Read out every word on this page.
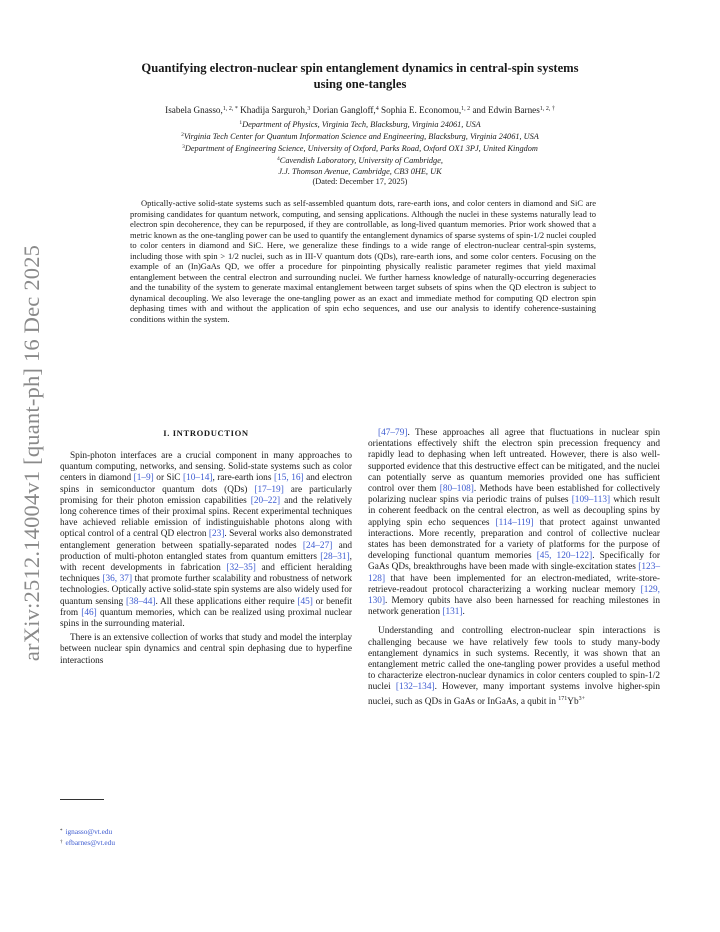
arXiv:2512.14004v1 [quant-ph] 16 Dec 2025
Quantifying electron-nuclear spin entanglement dynamics in central-spin systems
using one-tangles
Isabela Gnasso,$^{1, 2, *}$ Khadija Sarguroh,$^3$ Dorian Gangloff,$^4$ Sophia E. Economou,$^{1, 2}$ and Edwin Barnes$^{1, 2, \dagger}$
$^1$Department of Physics, Virginia Tech, Blacksburg, Virginia 24061, USA
$^2$Virginia Tech Center for Quantum Information Science and Engineering, Blacksburg, Virginia 24061, USA
$^3$Department of Engineering Science, University of Oxford, Parks Road, Oxford OX1 3PJ, United Kingdom
$^4$Cavendish Laboratory, University of Cambridge,
J.J. Thomson Avenue, Cambridge, CB3 0HE, UK
(Dated: December 17, 2025)
Optically-active solid-state systems such as self-assembled quantum dots, rare-earth ions, and color centers in diamond and SiC are promising candidates for quantum network, computing, and sensing applications. Although the nuclei in these systems naturally lead to electron spin decoherence, they can be repurposed, if they are controllable, as long-lived quantum memories. Prior work showed that a metric known as the one-tangling power can be used to quantify the entanglement dynamics of sparse systems of spin-1/2 nuclei coupled to color centers in diamond and SiC. Here, we generalize these findings to a wide range of electron-nuclear central-spin systems, including those with spin > 1/2 nuclei, such as in III-V quantum dots (QDs), rare-earth ions, and some color centers. Focusing on the example of an (In)GaAs QD, we offer a procedure for pinpointing physically realistic parameter regimes that yield maximal entanglement between the central electron and surrounding nuclei. We further harness knowledge of naturally-occurring degeneracies and the tunability of the system to generate maximal entanglement between target subsets of spins when the QD electron is subject to dynamical decoupling. We also leverage the one-tangling power as an exact and immediate method for computing QD electron spin dephasing times with and without the application of spin echo sequences, and use our analysis to identify coherence-sustaining conditions within the system.
I. INTRODUCTION
Spin-photon interfaces are a crucial component in many approaches to quantum computing, networks, and sensing. Solid-state systems such as color centers in diamond [1–9] or SiC [10–14], rare-earth ions [15, 16] and electron spins in semiconductor quantum dots (QDs) [17–19] are particularly promising for their photon emission capabilities [20–22] and the relatively long coherence times of their proximal spins. Recent experimental techniques have achieved reliable emission of indistinguishable photons along with optical control of a central QD electron [23]. Several works also demonstrated entanglement generation between spatially-separated nodes [24–27] and production of multi-photon entangled states from quantum emitters [28–31], with recent developments in fabrication [32–35] and efficient heralding techniques [36, 37] that promote further scalability and robustness of network technologies. Optically active solid-state spin systems are also widely used for quantum sensing [38–44]. All these applications either require [45] or benefit from [46] quantum memories, which can be realized using proximal nuclear spins in the surrounding material.
There is an extensive collection of works that study and model the interplay between nuclear spin dynamics and central spin dephasing due to hyperfine interactions
[47–79]. These approaches all agree that fluctuations in nuclear spin orientations effectively shift the electron spin precession frequency and rapidly lead to dephasing when left untreated. However, there is also well-supported evidence that this destructive effect can be mitigated, and the nuclei can potentially serve as quantum memories provided one has sufficient control over them [80–108]. Methods have been established for collectively polarizing nuclear spins via periodic trains of pulses [109–113] which result in coherent feedback on the central electron, as well as decoupling spins by applying spin echo sequences [114–119] that protect against unwanted interactions. More recently, preparation and control of collective nuclear states has been demonstrated for a variety of platforms for the purpose of developing functional quantum memories [45, 120–122]. Specifically for GaAs QDs, breakthroughs have been made with single-excitation states [123–128] that have been implemented for an electron-mediated, write-store-retrieve-readout protocol characterizing a working nuclear memory [129, 130]. Memory qubits have also been harnessed for reaching milestones in network generation [131].
Understanding and controlling electron-nuclear spin interactions is challenging because we have relatively few tools to study many-body entanglement dynamics in such systems. Recently, it was shown that an entanglement metric called the one-tangling power provides a useful method to characterize electron-nuclear dynamics in color centers coupled to spin-1/2 nuclei [132–134]. However, many important systems involve higher-spin nuclei, such as QDs in GaAs or InGaAs, a qubit in $^{171}Yb^{3+}$
* ignasso@vt.edu
† efbarnes@vt.edu
